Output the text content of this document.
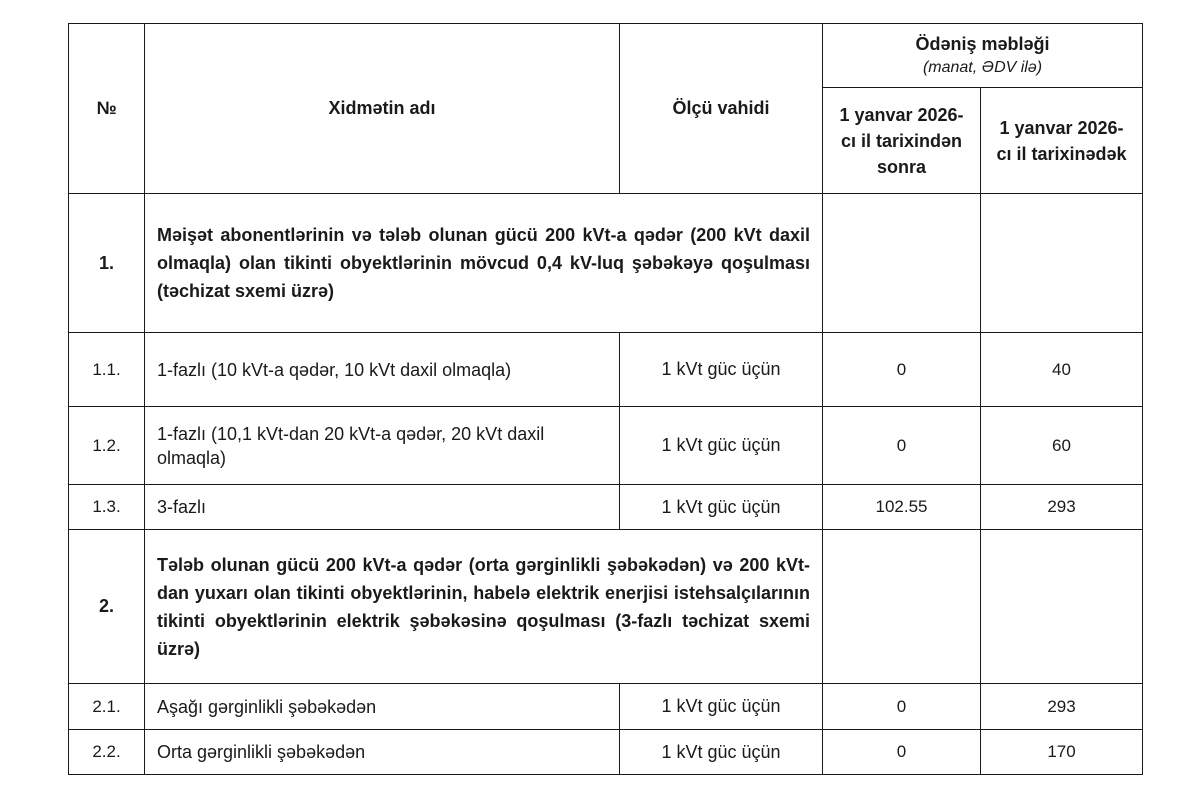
№	Xidmətin adı	Ölçü vahidi	Ödəniş məbləği
(manat, ƏDV ilə)	

			1 yanvar 2026-cı il tarixindən sonra	1 yanvar 2026-cı il tarixinədək
1.	Məişət abonentlərinin və tələb olunan gücü 200 kVt-a qədər (200 kVt daxil olmaqla) olan tikinti obyektlərinin mövcud 0,4 kV-luq şəbəkəyə qoşulması (təchizat sxemi üzrə)			
1.1.	1-fazlı (10 kVt-a qədər, 10 kVt daxil olmaqla)	1 kVt güc üçün	0	40
1.2.	1-fazlı (10,1 kVt-dan 20 kVt-a qədər, 20 kVt daxil olmaqla)	1 kVt güc üçün	0	60
1.3.	3-fazlı	1 kVt güc üçün	102.55	293
2.	Tələb olunan gücü 200 kVt-a qədər (orta gərginlikli şəbəkədən) və 200 kVt-dan yuxarı olan tikinti obyektlərinin, habelə elektrik enerjisi istehsalçılarının tikinti obyektlərinin elektrik şəbəkəsinə qoşulması (3-fazlı təchizat sxemi üzrə)			
2.1.	Aşağı gərginlikli şəbəkədən	1 kVt güc üçün	0	293
2.2.	Orta gərginlikli şəbəkədən	1 kVt güc üçün	0	170
